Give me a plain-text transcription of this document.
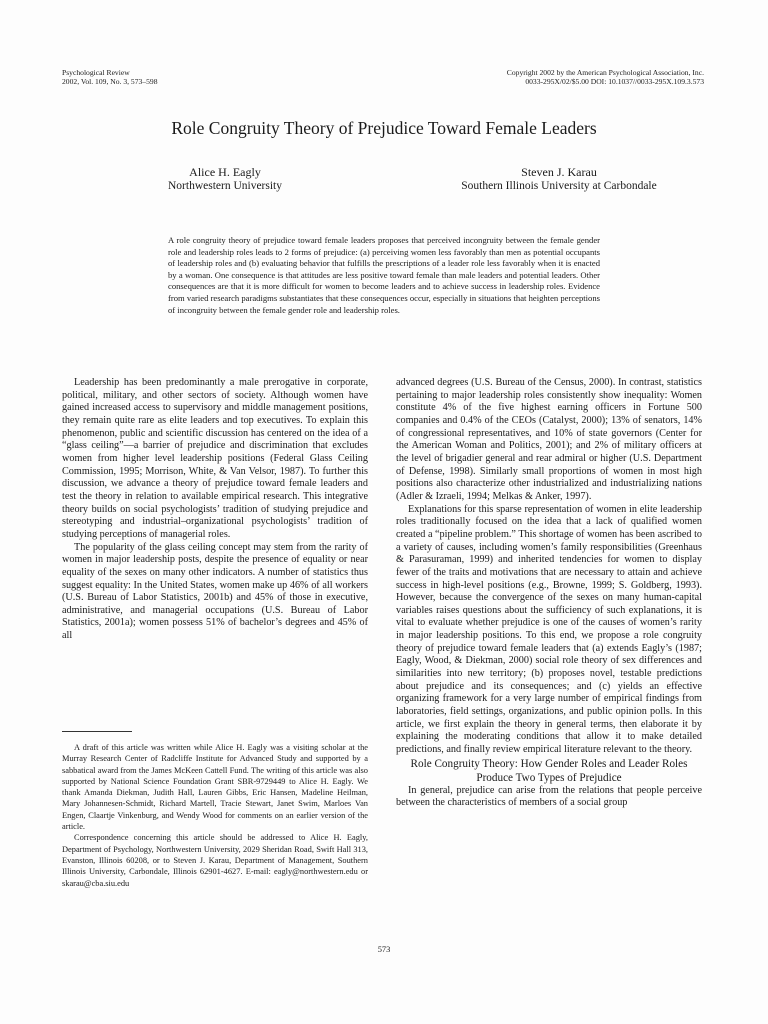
Psychological Review
2002, Vol. 109, No. 3, 573–598
Copyright 2002 by the American Psychological Association, Inc.
0033-295X/02/$5.00 DOI: 10.1037//0033-295X.109.3.573
Role Congruity Theory of Prejudice Toward Female Leaders
Alice H. Eagly
Northwestern University
Steven J. Karau
Southern Illinois University at Carbondale
A role congruity theory of prejudice toward female leaders proposes that perceived incongruity between the female gender role and leadership roles leads to 2 forms of prejudice: (a) perceiving women less favorably than men as potential occupants of leadership roles and (b) evaluating behavior that fulfills the prescriptions of a leader role less favorably when it is enacted by a woman. One consequence is that attitudes are less positive toward female than male leaders and potential leaders. Other consequences are that it is more difficult for women to become leaders and to achieve success in leadership roles. Evidence from varied research paradigms substantiates that these consequences occur, especially in situations that heighten perceptions of incongruity between the female gender role and leadership roles.

Leadership has been predominantly a male prerogative in corporate, political, military, and other sectors of society. Although women have gained increased access to supervisory and middle management positions, they remain quite rare as elite leaders and top executives. To explain this phenomenon, public and scientific discussion has centered on the idea of a “glass ceiling”—a barrier of prejudice and discrimination that excludes women from higher level leadership positions (Federal Glass Ceiling Commission, 1995; Morrison, White, & Van Velsor, 1987). To further this discussion, we advance a theory of prejudice toward female leaders and test the theory in relation to available empirical research. This integrative theory builds on social psychologists’ tradition of studying prejudice and stereotyping and industrial–organizational psychologists’ tradition of studying perceptions of managerial roles.

The popularity of the glass ceiling concept may stem from the rarity of women in major leadership posts, despite the presence of equality or near equality of the sexes on many other indicators. A number of statistics thus suggest equality: In the United States, women make up 46% of all workers (U.S. Bureau of Labor Statistics, 2001b) and 45% of those in executive, administrative, and managerial occupations (U.S. Bureau of Labor Statistics, 2001a); women possess 51% of bachelor’s degrees and 45% of all

A draft of this article was written while Alice H. Eagly was a visiting scholar at the Murray Research Center of Radcliffe Institute for Advanced Study and supported by a sabbatical award from the James McKeen Cattell Fund. The writing of this article was also supported by National Science Foundation Grant SBR-9729449 to Alice H. Eagly. We thank Amanda Diekman, Judith Hall, Lauren Gibbs, Eric Hansen, Madeline Heilman, Mary Johannesen-Schmidt, Richard Martell, Tracie Stewart, Janet Swim, Marloes Van Engen, Claartje Vinkenburg, and Wendy Wood for comments on an earlier version of the article.

Correspondence concerning this article should be addressed to Alice H. Eagly, Department of Psychology, Northwestern University, 2029 Sheridan Road, Swift Hall 313, Evanston, Illinois 60208, or to Steven J. Karau, Department of Management, Southern Illinois University, Carbondale, Illinois 62901-4627. E-mail: eagly@northwestern.edu or skarau@cba.siu.edu

advanced degrees (U.S. Bureau of the Census, 2000). In contrast, statistics pertaining to major leadership roles consistently show inequality: Women constitute 4% of the five highest earning officers in Fortune 500 companies and 0.4% of the CEOs (Catalyst, 2000); 13% of senators, 14% of congressional representatives, and 10% of state governors (Center for the American Woman and Politics, 2001); and 2% of military officers at the level of brigadier general and rear admiral or higher (U.S. Department of Defense, 1998). Similarly small proportions of women in most high positions also characterize other industrialized and industrializing nations (Adler & Izraeli, 1994; Melkas & Anker, 1997).

Explanations for this sparse representation of women in elite leadership roles traditionally focused on the idea that a lack of qualified women created a “pipeline problem.” This shortage of women has been ascribed to a variety of causes, including women’s family responsibilities (Greenhaus & Parasuraman, 1999) and inherited tendencies for women to display fewer of the traits and motivations that are necessary to attain and achieve success in high-level positions (e.g., Browne, 1999; S. Goldberg, 1993). However, because the convergence of the sexes on many human-capital variables raises questions about the sufficiency of such explanations, it is vital to evaluate whether prejudice is one of the causes of women’s rarity in major leadership positions. To this end, we propose a role congruity theory of prejudice toward female leaders that (a) extends Eagly’s (1987; Eagly, Wood, & Diekman, 2000) social role theory of sex differences and similarities into new territory; (b) proposes novel, testable predictions about prejudice and its consequences; and (c) yields an effective organizing framework for a very large number of empirical findings from laboratories, field settings, organizations, and public opinion polls. In this article, we first explain the theory in general terms, then elaborate it by explaining the moderating conditions that allow it to make detailed predictions, and finally review empirical literature relevant to the theory.

Role Congruity Theory: How Gender Roles and Leader Roles Produce Two Types of Prejudice

In general, prejudice can arise from the relations that people perceive between the characteristics of members of a social group

573
